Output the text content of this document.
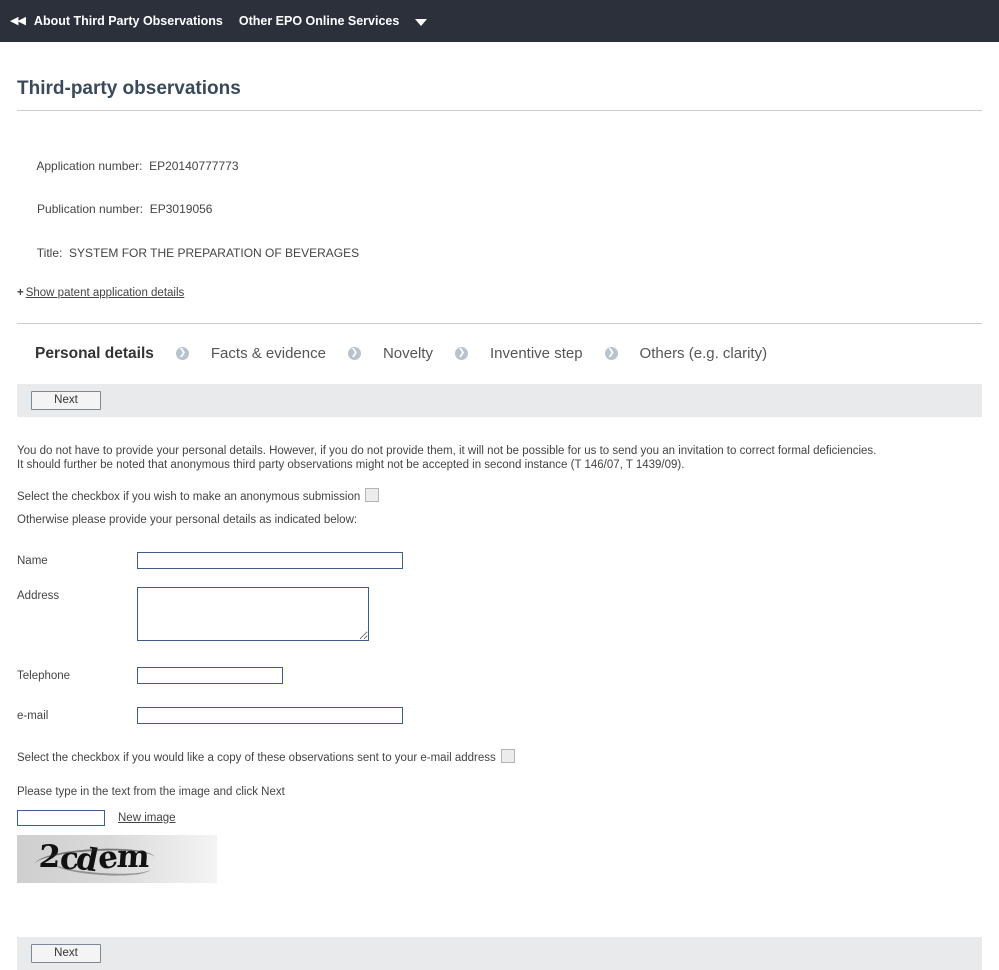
◀◀ About Third Party Observations Other EPO Online Services
Third-party observations

Application number: EP20140777773

Publication number: EP3019056

Title: SYSTEM FOR THE PREPARATION OF BEVERAGES

+ Show patent application details
Personal details	❯ Facts & evidence	❯ Novelty	❯ Inventive step	❯ Others (e.g. clarity)
Next

You do not have to provide your personal details. However, if you do not provide them, it will not be possible for us to send you an invitation to correct formal deficiencies. It should further be noted that anonymous third party observations might not be accepted in second instance (T 146/07, T 1439/09).

Select the checkbox if you wish to make an anonymous submission
Otherwise please provide your personal details as indicated below:
Name
Address
Telephone
e-mail
Select the checkbox if you would like a copy of these observations sent to your e-mail address
Please type in the text from the image and click Next
New image
2cdem
Next
